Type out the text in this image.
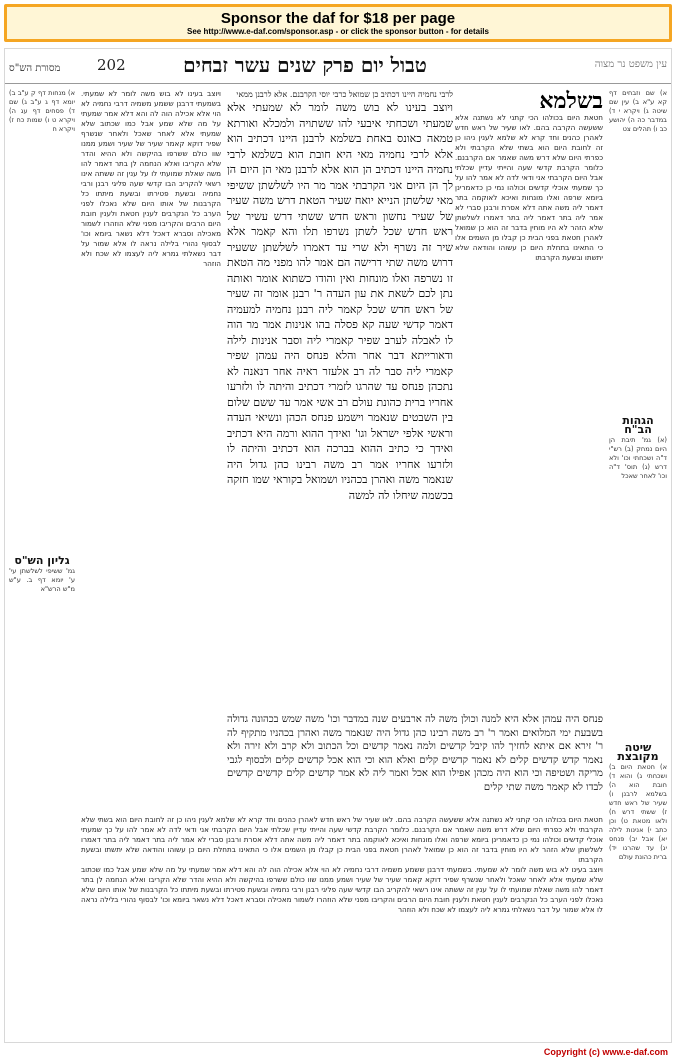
Sponsor the daf for $18 per page
See http://www.e-daf.com/sponsor.asp - or click the sponsor button - for details
מסורת הש"ס	טבול יום פרק שנים עשר זבחים
202	עין משפט נר מצוה

א) שם וזבחים דף קא ע"א ב) עין שם שיטה ג) ויקרא י ד) במדבר כה ה) יהושע כב ו) תהלים צט

הגהות הב"ח

(א) גמ' תיבת הן היום נמחק (ב) רש"י ד"ה ושכחתי וכו' ולא דרש (ג) תוס' ד"ה וכו' לאחר שאכל

שיטה מקובצת

א) חטאת היום ב) ושכחתי ג) והוא ד) חובת הוא ה) בשלמא לרבנן ו) שעיר של ראש חדש ז) ששתי דרש ח) ולאו מטאת ט) וכן כתב י) אנינות לילה יא) אבל יב) פנחס יג) עד שהרגו יד) ברית כהונת עולם

בשלמא

חטאת היום בכולהו הכי קתני לא נשתנה אלא ששעשה הקרבה בהם. לאו שעיר של ראש חדש לאהרן כהנים וחד קרא לא שלמא לענין ניהו כן זה לחובת היום הוא בשתי שלא הקרבתי ולא כפרתי היום שלא דרש משה שאמר אם הקרבנם. כלומר הקרבת קדשי שעה והייתי עדיין שכלתי אבל היום הקרבתי אני ודאי לדה לא אמר להו על כך שמעתי אוכלי קדשים וכולהו נמי כן כדאמרינן ביומא שרפה ואלו מונחות ואיכא לאוקמה בתר דאמר ליה משה אתה דלא אסרת ורבנן סברי לא אמר ליה בתר דאמר ליה בתר דאמרו לשלשתן שלא הזהר לא היו מוחין בדבר זה הוא כן שמואל לאהרן חטאת בפני הבית כן קבלו מן השמים אלו כי התאינו בתחלת היום כן עשוהו והודאה שלא יתשתו ובשעת הקרבתו

לרבי נחמיה היינו דכתיב כן שמואל כרבי יוסי הקרבנם. אלא לרבנן ממאי

ויוצב בעינו לא בוש משה לומר לא שמעתי אלא שמעתי ושכחתי איבעי להו ששתויה ולמכלא ואורתא טמאה כאונס באחת בשלמא לרבנן היינו דכתיב הוא אלא לרבי נחמיה מאי היא חובת הוא בשלמא לרבי נחמיה היינו דכתיב הן הוא אלא לרבנן מאי הן היום הן לך הן היום אני הקרבתי אמר מר היו לשלשתן ששיפי מאי שלשתן הנייא יואח שעיר הטאת דרש משה שעיר של שעיר נחשון וראש חדש ששתי דרש עשיר של ראש חדש שכל לשתן נשרפו תלו והא קאמר אלא שיר זה נשרף ולא שרי עד דאמרו לשלשתן ששעיר דרוש משה שתי דרישה הם אמר להו מפני מה הטאת זו נשרפה ואלו מונחות ואין והודו כשתוא אומר ואותה נתן לכם לשאת את עון העדה ר' רבנן אומר זה שעיר של ראש חדש שכל קאמר ליה רבנן נחמיה למעמיה דאמר קדשי שעה קא פסלה בהו אנינות אמר מר הוה לו לאבלה לערב שפיר קאמרי ליה וסבר אנינות לילה ודאורייתא דבר אחר והלא פנחס היה עמהן שפיר קאמרי ליה סבר לה רב אלעזר ראיה אחר דנאנה לא נתכהן פנחס עד שהרגו לזמרי דכתיב והיתה לו ולזרעו אחריו ברית כהונת עולם רב אשי אמר עד ששם שלום בין השבטים שנאמר וישמע פנחס הכהן ונשיאי העדה וראשי אלפי ישראל וגו' ואידך ההוא ורמה היא דכתיב ואידך כי כתיב ההוא בברכה הוא דכתיב והיתה לו ולזרעו אחריו אמר רב משה רבינו כהן גדול היה שנאמר משה ואהרן בכהניו ושמואל בקוראי שמו חזקה בכשמה שיחלו לה למשה

פנחס היה עמהן אלא היא למנה וכולן משה לה ארבעים שנה במדבר וכו' משה שמש בכהונה גדולה בשבעת ימי המלואים ואמר ר' רב משה רבינו כהן גדול היה שנאמר משה ואהרן בכהניו מתקיף לה ר' זירא אם איתא לחזיך להו קיבל קדשים ולמה נאמר קדשים וכל הכתוב ולא קרב ולא זירה ולא נאמר קדש קדשים קלים לא נאמר קדשים קלים ואלא הוא וכי הוא אכל קדשים קלים ולבסוף לגבי מריקה ושטיפה וכי הוא היה מכהן אפילו הוא אכל ואמר ליה לא אמר קדשים קלים קדשים קדשים לבדו לא קאמר משה שתי קלים

ויוצב בעינו לא בוש משה לומר לא שמעתי. בשמעתי דרבנן ששמע משמיה דרבי נחמיה לא הוי אלא אכילה הוה לה והא דלא אמר שמעתי על מה שלא שמע אבל כמו שכתוב שלא שמעתי אלא לאחר שאכל ולאחר שנשרף שפיר דוקא קאמר שעיר של שעיר ושמע ממנו שוו כולם ששרפו בהיקשה ולא ההיא והדר שלא הקריבו ואלא הנחמה לן בתר דאמר להו משה שאלת שמועתי לו על ענין זה ששתה אינו רשאי להקריב הבו קדשי שעה פליגי רבנן ורבי נחמיה ובשעת פטירתו ובשעת מיתתו כל הקרבנות של אותו היום שלא נאכלו לפני הערב כל הנקרבים לענין חטאת ולענין חובת היום הרבים והקריבו מפני שלא הוזהרו לשמור מאכילה וסברא דאכל דלא נשאר ביומא וכו' לבסוף נהורי בלילה נראה לו אלא שמור על דבר נשאלתי גמרא ליה לעצמו לא שכח ולא הוזהר

חטאת היום בכולהו הכי קתני לא נשתנה אלא ששעשה הקרבה בהם. לאו שעיר של ראש חדש לאהרן כהנים וחד קרא לא שלמא לענין ניהו כן זה לחובת היום הוא בשתי שלא הקרבתי ולא כפרתי היום שלא דרש משה שאמר אם הקרבנם. כלומר הקרבת קדשי שעה והייתי עדיין שכלתי אבל היום הקרבתי אני ודאי לדה לא אמר להו על כך שמעתי אוכלי קדשים וכולהו נמי כן כדאמרינן ביומא שרפה ואלו מונחות ואיכא לאוקמה בתר דאמר ליה משה אתה דלא אסרת ורבנן סברי לא אמר ליה בתר דאמר ליה בתר דאמרו לשלשתן שלא הזהר לא היו מוחין בדבר זה הוא כן שמואל לאהרן חטאת בפני הבית כן קבלו מן השמים אלו כי התאינו בתחלת היום כן עשוהו והודאה שלא יתשתו ובשעת הקרבתו

ויוצב בעינו לא בוש משה לומר לא שמעתי. בשמעתי דרבנן ששמע משמיה דרבי נחמיה לא הוי אלא אכילה הוה לה והא דלא אמר שמעתי על מה שלא שמע אבל כמו שכתוב שלא שמעתי אלא לאחר שאכל ולאחר שנשרף שפיר דוקא קאמר שעיר של שעיר ושמע ממנו שוו כולם ששרפו בהיקשה ולא ההיא והדר שלא הקריבו ואלא הנחמה לן בתר דאמר להו משה שאלת שמועתי לו על ענין זה ששתה אינו רשאי להקריב הבו קדשי שעה פליגי רבנן ורבי נחמיה ובשעת פטירתו ובשעת מיתתו כל הקרבנות של אותו היום שלא נאכלו לפני הערב כל הנקרבים לענין חטאת ולענין חובת היום הרבים והקריבו מפני שלא הוזהרו לשמור מאכילה וסברא דאכל דלא נשאר ביומא וכו' לבסוף נהורי בלילה נראה לו אלא שמור על דבר נשאלתי גמרא ליה לעצמו לא שכח ולא הוזהר

א) מנחות דף ק ע"ב ב) יומא דף ג ע"ב ג) שם ד) פסחים דף עג ה) ויקרא ט ו) שמות כח ז) ויקרא ח

גליון הש"ס

גמ' ששיפי לשלשתן עי' ע' יומא דף ב. ע"ש מ"ש הרש"א

Copyright (c) www.e-daf.com
